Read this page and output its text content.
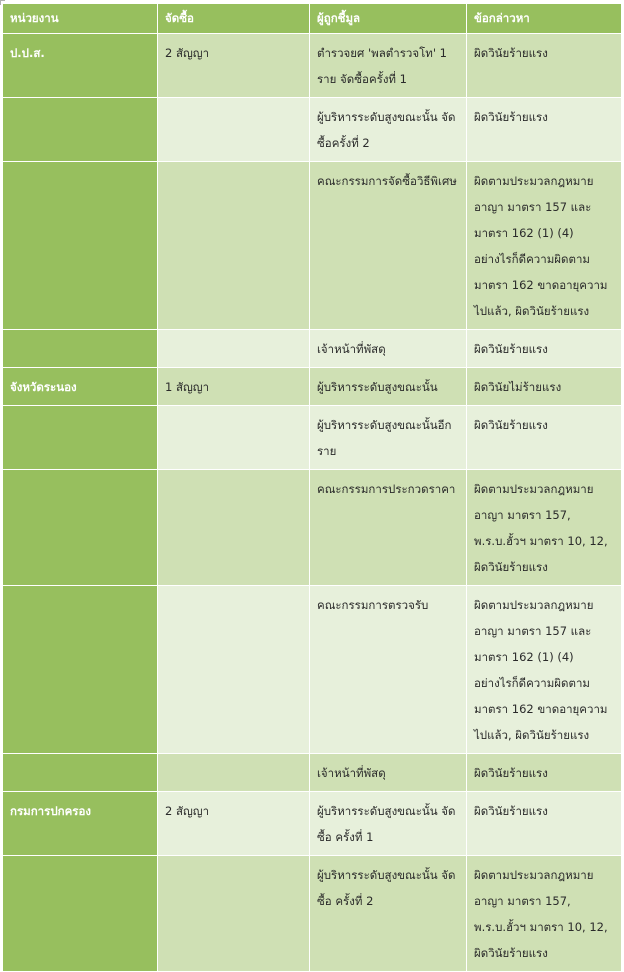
หน่วยงาน	จัดซื้อ	ผู้ถูกชี้มูล	ข้อกล่าวหา
ป.ป.ส.	2 สัญญา	ตำรวจยศ 'พลตำรวจโท' 1 ราย จัดซื้อครั้งที่ 1	ผิดวินัยร้ายแรง
		ผู้บริหารระดับสูงขณะนั้น จัดซื้อครั้งที่ 2	ผิดวินัยร้ายแรง
		คณะกรรมการจัดซื้อวิธีพิเศษ	ผิดตามประมวลกฎหมายอาญา มาตรา 157 และมาตรา 162 (1) (4) อย่างไรก็ดีความผิดตามมาตรา 162 ขาดอายุความไปแล้ว, ผิดวินัยร้ายแรง
		เจ้าหน้าที่พัสดุ	ผิดวินัยร้ายแรง
จังหวัดระนอง	1 สัญญา	ผู้บริหารระดับสูงขณะนั้น	ผิดวินัยไม่ร้ายแรง
		ผู้บริหารระดับสูงขณะนั้นอีกราย	ผิดวินัยร้ายแรง
		คณะกรรมการประกวดราคา	ผิดตามประมวลกฎหมายอาญา มาตรา 157, พ.ร.บ.ฮั้วฯ มาตรา 10, 12, ผิดวินัยร้ายแรง
		คณะกรรมการตรวจรับ	ผิดตามประมวลกฎหมายอาญา มาตรา 157 และมาตรา 162 (1) (4) อย่างไรก็ดีความผิดตามมาตรา 162 ขาดอายุความไปแล้ว, ผิดวินัยร้ายแรง
		เจ้าหน้าที่พัสดุ	ผิดวินัยร้ายแรง
กรมการปกครอง	2 สัญญา	ผู้บริหารระดับสูงขณะนั้น จัดซื้อ ครั้งที่ 1	ผิดวินัยร้ายแรง
		ผู้บริหารระดับสูงขณะนั้น จัดซื้อ ครั้งที่ 2	ผิดตามประมวลกฎหมายอาญา มาตรา 157, พ.ร.บ.ฮั้วฯ มาตรา 10, 12, ผิดวินัยร้ายแรง
